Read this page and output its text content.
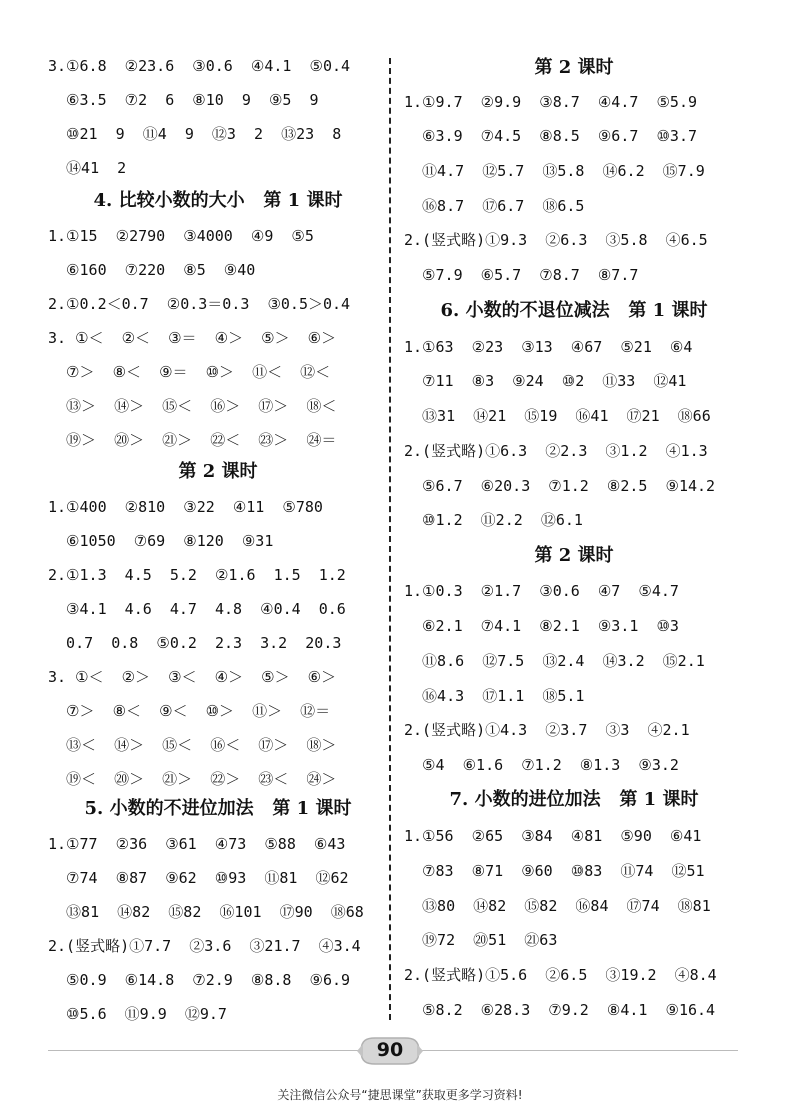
3.①6.8  ②23.6  ③0.6  ④4.1  ⑤0.4
⑥3.5  ⑦2  6  ⑧10  9  ⑨5  9
⑩21  9  ⑪4  9  ⑫3  2  ⑬23  8
⑭41  2
4. 比较小数的大小   第 1 课时
1.①15  ②2790  ③4000  ④9  ⑤5
⑥160  ⑦220  ⑧5  ⑨40
2.①0.2＜0.7  ②0.3＝0.3  ③0.5＞0.4
3. ①＜  ②＜  ③＝  ④＞  ⑤＞  ⑥＞
⑦＞  ⑧＜  ⑨＝  ⑩＞  ⑪＜  ⑫＜
⑬＞  ⑭＞  ⑮＜  ⑯＞  ⑰＞  ⑱＜
⑲＞  ⑳＞  ㉑＞  ㉒＜  ㉓＞  ㉔＝
第 2 课时
1.①400  ②810  ③22  ④11  ⑤780
⑥1050  ⑦69  ⑧120  ⑨31
2.①1.3  4.5  5.2  ②1.6  1.5  1.2
③4.1  4.6  4.7  4.8  ④0.4  0.6
0.7  0.8  ⑤0.2  2.3  3.2  20.3
3. ①＜  ②＞  ③＜  ④＞  ⑤＞  ⑥＞
⑦＞  ⑧＜  ⑨＜  ⑩＞  ⑪＞  ⑫＝
⑬＜  ⑭＞  ⑮＜  ⑯＜  ⑰＞  ⑱＞
⑲＜  ⑳＞  ㉑＞  ㉒＞  ㉓＜  ㉔＞
5. 小数的不进位加法   第 1 课时
1.①77  ②36  ③61  ④73  ⑤88  ⑥43
⑦74  ⑧87  ⑨62  ⑩93  ⑪81  ⑫62
⑬81  ⑭82  ⑮82  ⑯101  ⑰90  ⑱68
2.(竖式略)①7.7  ②3.6  ③21.7  ④3.4
⑤0.9  ⑥14.8  ⑦2.9  ⑧8.8  ⑨6.9
⑩5.6  ⑪9.9  ⑫9.7
第 2 课时
1.①9.7  ②9.9  ③8.7  ④4.7  ⑤5.9
⑥3.9  ⑦4.5  ⑧8.5  ⑨6.7  ⑩3.7
⑪4.7  ⑫5.7  ⑬5.8  ⑭6.2  ⑮7.9
⑯8.7  ⑰6.7  ⑱6.5
2.(竖式略)①9.3  ②6.3  ③5.8  ④6.5
⑤7.9  ⑥5.7  ⑦8.7  ⑧7.7
6. 小数的不退位减法   第 1 课时
1.①63  ②23  ③13  ④67  ⑤21  ⑥4
⑦11  ⑧3  ⑨24  ⑩2  ⑪33  ⑫41
⑬31  ⑭21  ⑮19  ⑯41  ⑰21  ⑱66
2.(竖式略)①6.3  ②2.3  ③1.2  ④1.3
⑤6.7  ⑥20.3  ⑦1.2  ⑧2.5  ⑨14.2
⑩1.2  ⑪2.2  ⑫6.1
第 2 课时
1.①0.3  ②1.7  ③0.6  ④7  ⑤4.7
⑥2.1  ⑦4.1  ⑧2.1  ⑨3.1  ⑩3
⑪8.6  ⑫7.5  ⑬2.4  ⑭3.2  ⑮2.1
⑯4.3  ⑰1.1  ⑱5.1
2.(竖式略)①4.3  ②3.7  ③3  ④2.1
⑤4  ⑥1.6  ⑦1.2  ⑧1.3  ⑨3.2
7. 小数的进位加法   第 1 课时
1.①56  ②65  ③84  ④81  ⑤90  ⑥41
⑦83  ⑧71  ⑨60  ⑩83  ⑪74  ⑫51
⑬80  ⑭82  ⑮82  ⑯84  ⑰74  ⑱81
⑲72  ⑳51  ㉑63
2.(竖式略)①5.6  ②6.5  ③19.2  ④8.4
⑤8.2  ⑥28.3  ⑦9.2  ⑧4.1  ⑨16.4
90
关注微信公众号“捷思课堂”获取更多学习资料!
